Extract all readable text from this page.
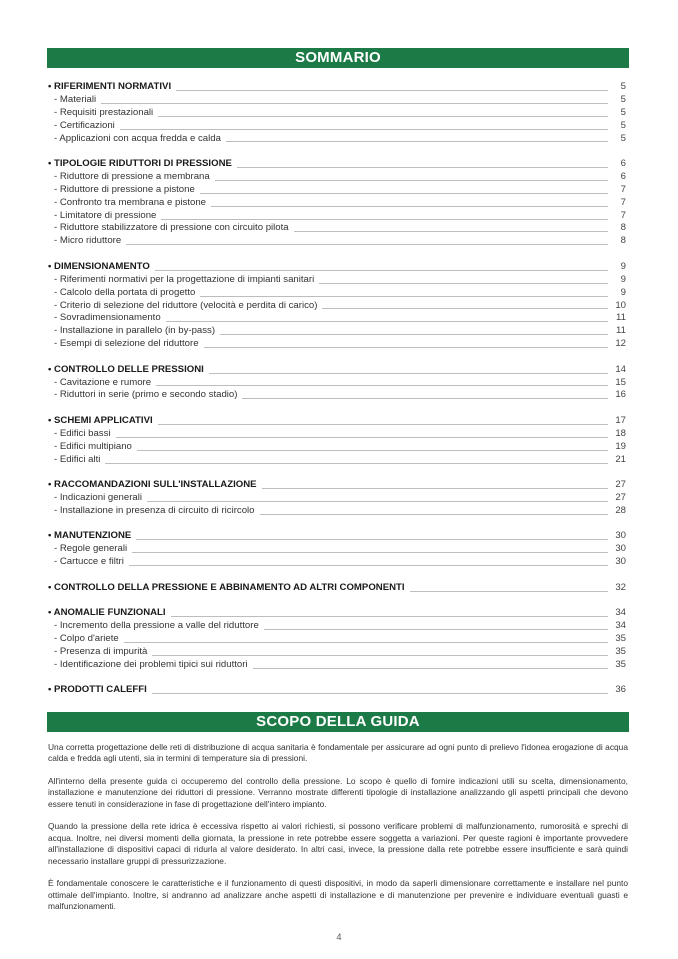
SOMMARIO
• RIFERIMENTI NORMATIVI	5
- Materiali	5
- Requisiti prestazionali	5
- Certificazioni	5
- Applicazioni con acqua fredda e calda	5
• TIPOLOGIE RIDUTTORI DI PRESSIONE	6
- Riduttore di pressione a membrana	6
- Riduttore di pressione a pistone	7
- Confronto tra membrana e pistone	7
- Limitatore di pressione	7
- Riduttore stabilizzatore di pressione con circuito pilota	8
- Micro riduttore	8
• DIMENSIONAMENTO	9
- Riferimenti normativi per la progettazione di impianti sanitari	9
- Calcolo della portata di progetto	9
- Criterio di selezione del riduttore (velocità e perdita di carico)	10
- Sovradimensionamento	11
- Installazione in parallelo (in by-pass)	11
- Esempi di selezione del riduttore	12
• CONTROLLO DELLE PRESSIONI	14
- Cavitazione e rumore	15
- Riduttori in serie (primo e secondo stadio)	16
• SCHEMI APPLICATIVI	17
- Edifici bassi	18
- Edifici multipiano	19
- Edifici alti	21
• RACCOMANDAZIONI SULL'INSTALLAZIONE	27
- Indicazioni generali	27
- Installazione in presenza di circuito di ricircolo	28
• MANUTENZIONE	30
- Regole generali	30
- Cartucce e filtri	30
• CONTROLLO DELLA PRESSIONE E ABBINAMENTO AD ALTRI COMPONENTI	32
• ANOMALIE FUNZIONALI	34
- Incremento della pressione a valle del riduttore	34
- Colpo d'ariete	35
- Presenza di impurità	35
- Identificazione dei problemi tipici sui riduttori	35
• PRODOTTI CALEFFI	36
SCOPO DELLA GUIDA

Una corretta progettazione delle reti di distribuzione di acqua sanitaria è fondamentale per assicurare ad ogni punto di prelievo l'idonea erogazione di acqua calda e fredda agli utenti, sia in termini di temperature sia di pressioni.

All'interno della presente guida ci occuperemo del controllo della pressione. Lo scopo è quello di fornire indicazioni utili su scelta, dimensionamento, installazione e manutenzione dei riduttori di pressione. Verranno mostrate differenti tipologie di installazione analizzando gli aspetti principali che devono essere tenuti in considerazione in fase di progettazione dell'intero impianto.

Quando la pressione della rete idrica è eccessiva rispetto ai valori richiesti, si possono verificare problemi di malfunzionamento, rumorosità e sprechi di acqua. Inoltre, nei diversi momenti della giornata, la pressione in rete potrebbe essere soggetta a variazioni. Per queste ragioni è importante provvedere all'installazione di dispositivi capaci di ridurla al valore desiderato. In altri casi, invece, la pressione dalla rete potrebbe essere insufficiente e sarà quindi necessario installare gruppi di pressurizzazione.

È fondamentale conoscere le caratteristiche e il funzionamento di questi dispositivi, in modo da saperli dimensionare correttamente e installare nel punto ottimale dell'impianto. Inoltre, si andranno ad analizzare anche aspetti di installazione e di manutenzione per prevenire e individuare eventuali guasti e malfunzionamenti.

4
